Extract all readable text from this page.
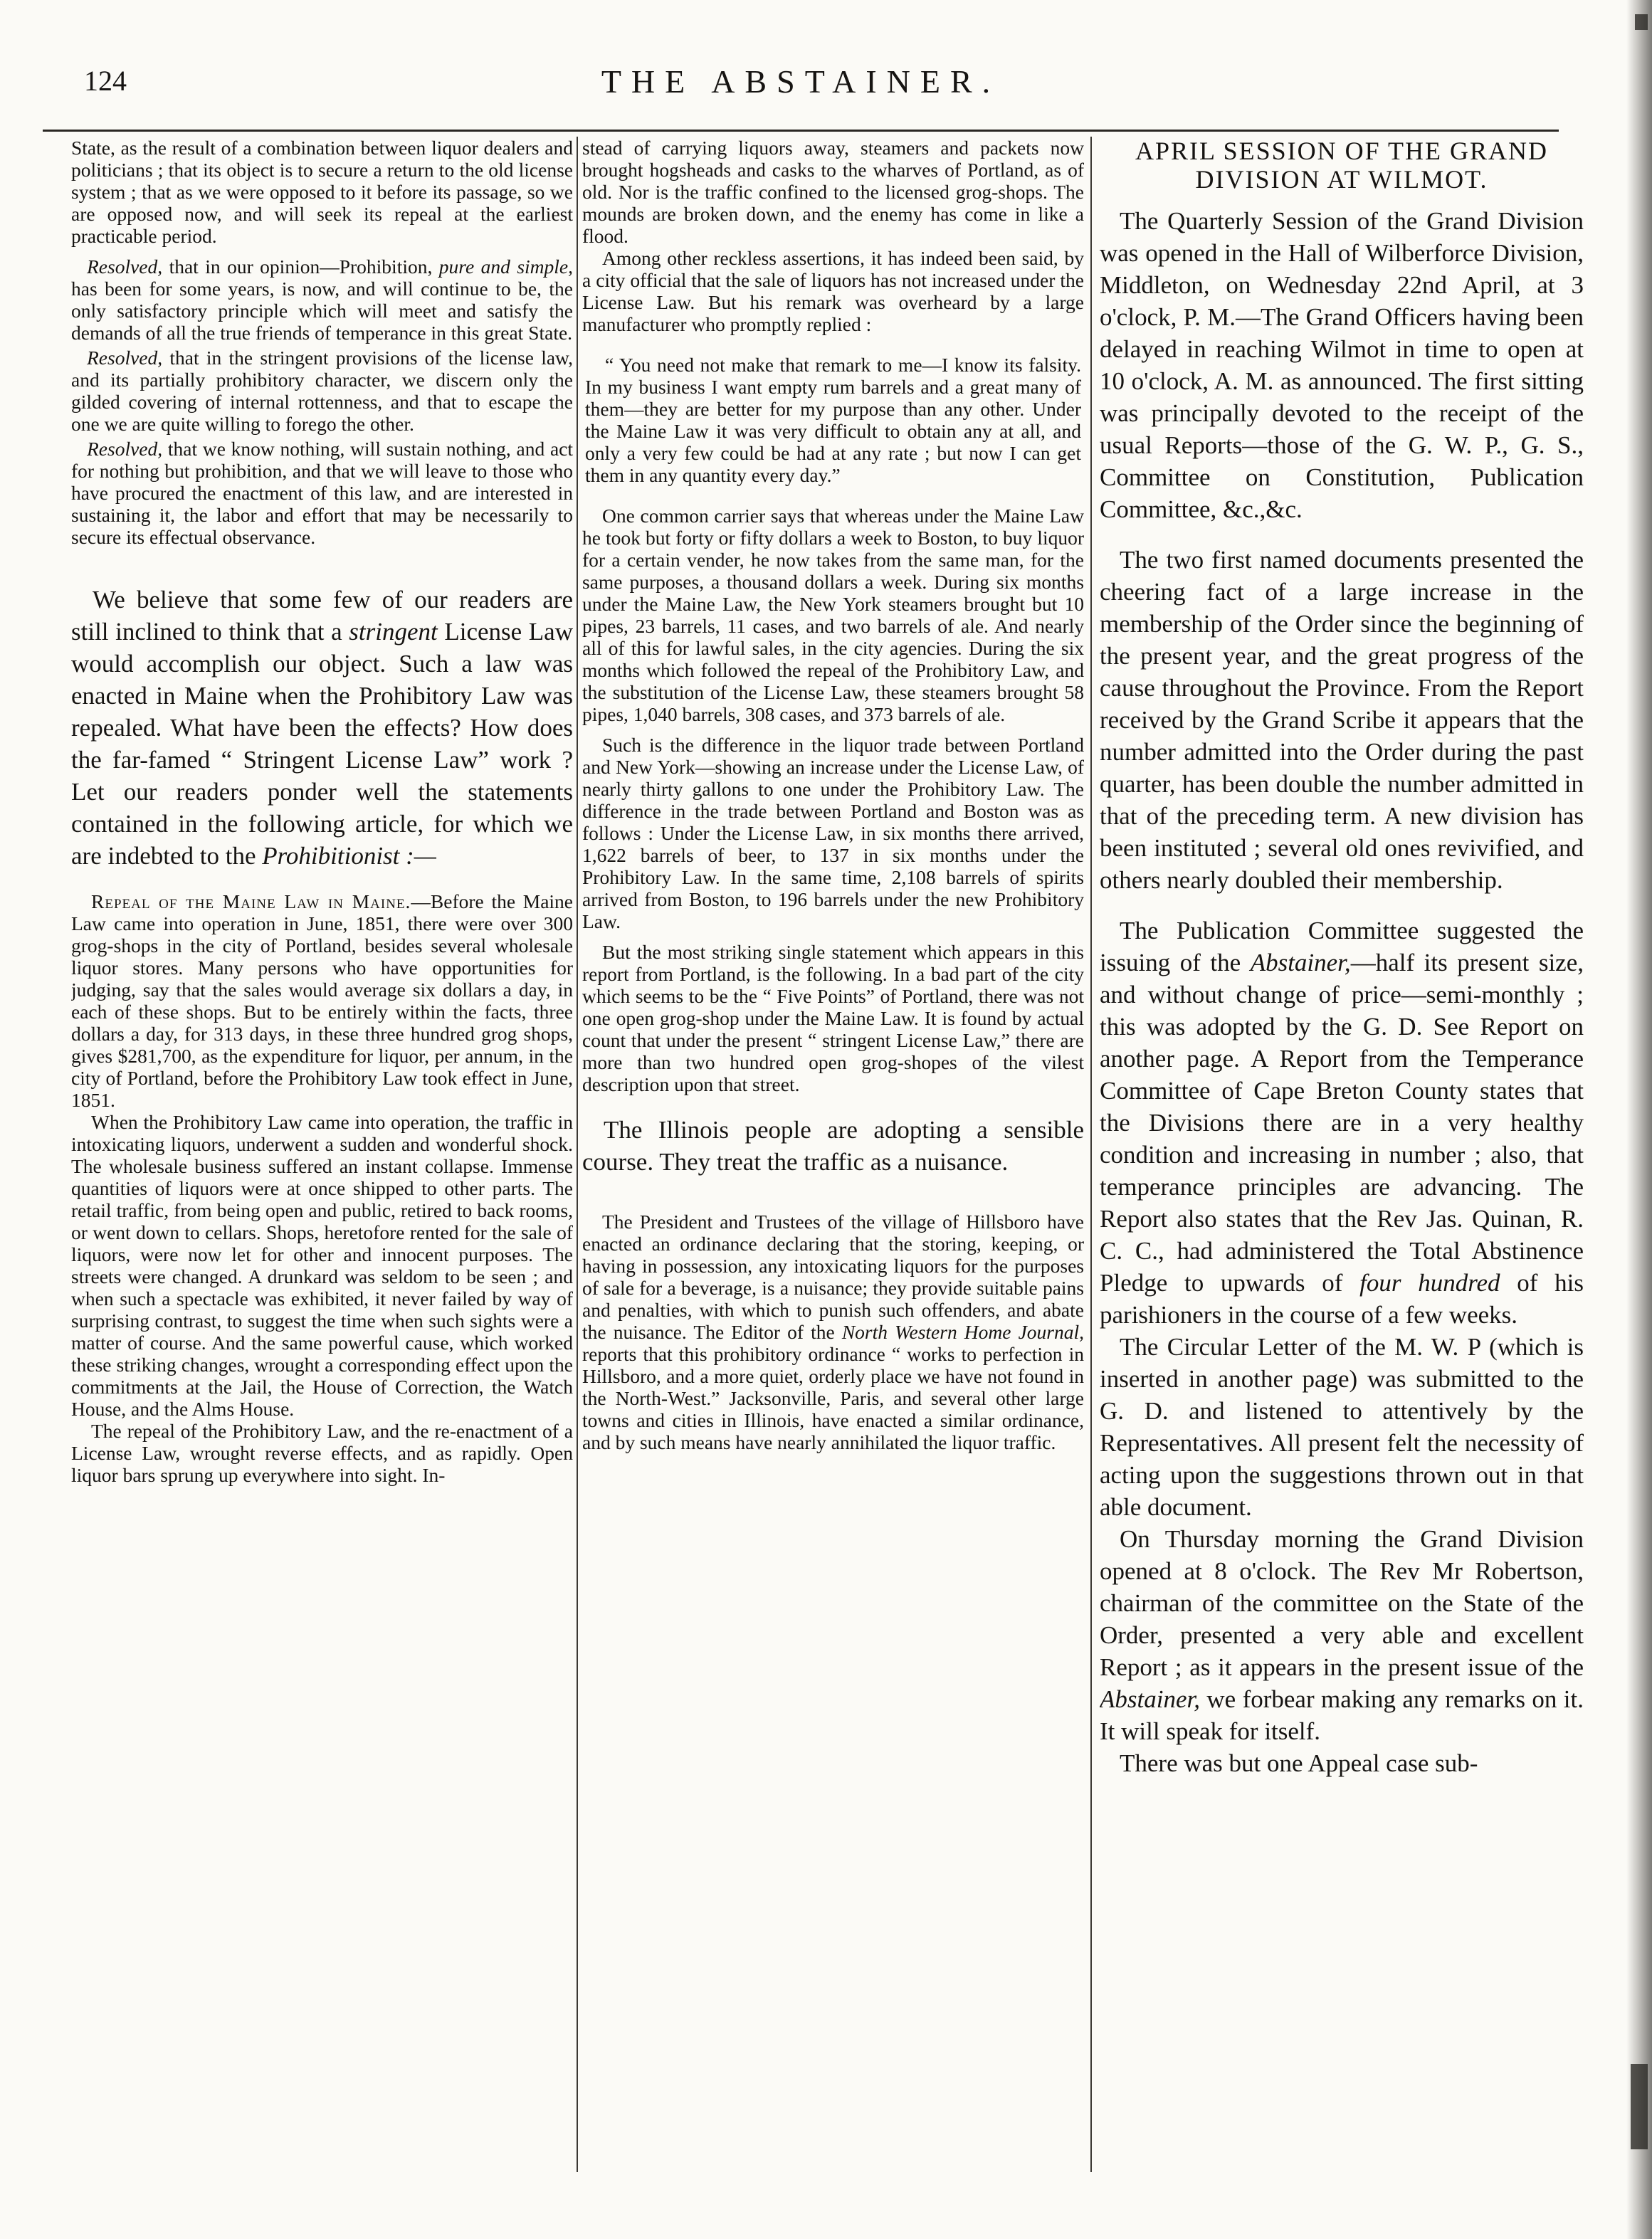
124	THE ABSTAINER.

State, as the result of a combination between liquor dealers and politicians ; that its object is to secure a return to the old license system ; that as we were opposed to it before its passage, so we are opposed now, and will seek its repeal at the earliest practicable period.

Resolved, that in our opinion—Prohibition, pure and simple, has been for some years, is now, and will continue to be, the only satisfactory principle which will meet and satisfy the demands of all the true friends of temperance in this great State.

Resolved, that in the stringent provisions of the license law, and its partially prohibitory character, we discern only the gilded covering of internal rottenness, and that to escape the one we are quite willing to forego the other.

Resolved, that we know nothing, will sustain nothing, and act for nothing but prohibition, and that we will leave to those who have procured the enactment of this law, and are interested in sustaining it, the labor and effort that may be necessarily to secure its effectual observance.

We believe that some few of our readers are still inclined to think that a stringent License Law would accomplish our object. Such a law was enacted in Maine when the Prohibitory Law was repealed. What have been the effects? How does the far-famed “ Stringent License Law” work ? Let our readers ponder well the statements contained in the following article, for which we are indebted to the Prohibitionist :—

Repeal of the Maine Law in Maine.—Before the Maine Law came into operation in June, 1851, there were over 300 grog-shops in the city of Portland, besides several wholesale liquor stores. Many persons who have opportunities for judging, say that the sales would average six dollars a day, in each of these shops. But to be entirely within the facts, three dollars a day, for 313 days, in these three hundred grog shops, gives $281,700, as the expenditure for liquor, per annum, in the city of Portland, before the Prohibitory Law took effect in June, 1851.

When the Prohibitory Law came into operation, the traffic in intoxicating liquors, underwent a sudden and wonderful shock. The wholesale business suffered an instant collapse. Immense quantities of liquors were at once shipped to other parts. The retail traffic, from being open and public, retired to back rooms, or went down to cellars. Shops, heretofore rented for the sale of liquors, were now let for other and innocent purposes. The streets were changed. A drunkard was seldom to be seen ; and when such a spectacle was exhibited, it never failed by way of surprising contrast, to suggest the time when such sights were a matter of course. And the same powerful cause, which worked these striking changes, wrought a corresponding effect upon the commitments at the Jail, the House of Correction, the Watch House, and the Alms House.

The repeal of the Prohibitory Law, and the re-enactment of a License Law, wrought reverse effects, and as rapidly. Open liquor bars sprung up everywhere into sight. In-

stead of carrying liquors away, steamers and packets now brought hogsheads and casks to the wharves of Portland, as of old. Nor is the traffic confined to the licensed grog-shops. The mounds are broken down, and the enemy has come in like a flood.

Among other reckless assertions, it has indeed been said, by a city official that the sale of liquors has not increased under the License Law. But his remark was overheard by a large manufacturer who promptly replied :

“ You need not make that remark to me—I know its falsity. In my business I want empty rum barrels and a great many of them—they are better for my purpose than any other. Under the Maine Law it was very difficult to obtain any at all, and only a very few could be had at any rate ; but now I can get them in any quantity every day.”

One common carrier says that whereas under the Maine Law he took but forty or fifty dollars a week to Boston, to buy liquor for a certain vender, he now takes from the same man, for the same purposes, a thousand dollars a week. During six months under the Maine Law, the New York steamers brought but 10 pipes, 23 barrels, 11 cases, and two barrels of ale. And nearly all of this for lawful sales, in the city agencies. During the six months which followed the repeal of the Prohibitory Law, and the substitution of the License Law, these steamers brought 58 pipes, 1,040 barrels, 308 cases, and 373 barrels of ale.

Such is the difference in the liquor trade between Portland and New York—showing an increase under the License Law, of nearly thirty gallons to one under the Prohibitory Law. The difference in the trade between Portland and Boston was as follows : Under the License Law, in six months there arrived, 1,622 barrels of beer, to 137 in six months under the Prohibitory Law. In the same time, 2,108 barrels of spirits arrived from Boston, to 196 barrels under the new Prohibitory Law.

But the most striking single statement which appears in this report from Portland, is the following. In a bad part of the city which seems to be the “ Five Points” of Portland, there was not one open grog-shop under the Maine Law. It is found by actual count that under the present “ stringent License Law,” there are more than two hundred open grog-shopes of the vilest description upon that street.

The Illinois people are adopting a sensible course. They treat the traffic as a nuisance.

The President and Trustees of the village of Hillsboro have enacted an ordinance declaring that the storing, keeping, or having in possession, any intoxicating liquors for the purposes of sale for a beverage, is a nuisance; they provide suitable pains and penalties, with which to punish such offenders, and abate the nuisance. The Editor of the North Western Home Journal, reports that this prohibitory ordinance “ works to perfection in Hillsboro, and a more quiet, orderly place we have not found in the North-West.” Jacksonville, Paris, and several other large towns and cities in Illinois, have enacted a similar ordinance, and by such means have nearly annihilated the liquor traffic.

APRIL SESSION OF THE GRAND DIVISION AT WILMOT.

The Quarterly Session of the Grand Division was opened in the Hall of Wilberforce Division, Middleton, on Wednesday 22nd April, at 3 o'clock, P. M.—The Grand Officers having been delayed in reaching Wilmot in time to open at 10 o'clock, A. M. as announced. The first sitting was principally devoted to the receipt of the usual Reports—those of the G. W. P., G. S., Committee on Constitution, Publication Committee, &c.,&c.

The two first named documents presented the cheering fact of a large increase in the membership of the Order since the beginning of the present year, and the great progress of the cause throughout the Province. From the Report received by the Grand Scribe it appears that the number admitted into the Order during the past quarter, has been double the number admitted in that of the preceding term. A new division has been instituted ; several old ones revivified, and others nearly doubled their membership.

The Publication Committee suggested the issuing of the Abstainer,—half its present size, and without change of price—semi-monthly ; this was adopted by the G. D. See Report on another page. A Report from the Temperance Committee of Cape Breton County states that the Divisions there are in a very healthy condition and increasing in number ; also, that temperance principles are advancing. The Report also states that the Rev Jas. Quinan, R. C. C., had administered the Total Abstinence Pledge to upwards of four hundred of his parishioners in the course of a few weeks.

The Circular Letter of the M. W. P (which is inserted in another page) was submitted to the G. D. and listened to attentively by the Representatives. All present felt the necessity of acting upon the suggestions thrown out in that able document.

On Thursday morning the Grand Division opened at 8 o'clock. The Rev Mr Robertson, chairman of the committee on the State of the Order, presented a very able and excellent Report ; as it appears in the present issue of the Abstainer, we forbear making any remarks on it. It will speak for itself.

There was but one Appeal case sub-
